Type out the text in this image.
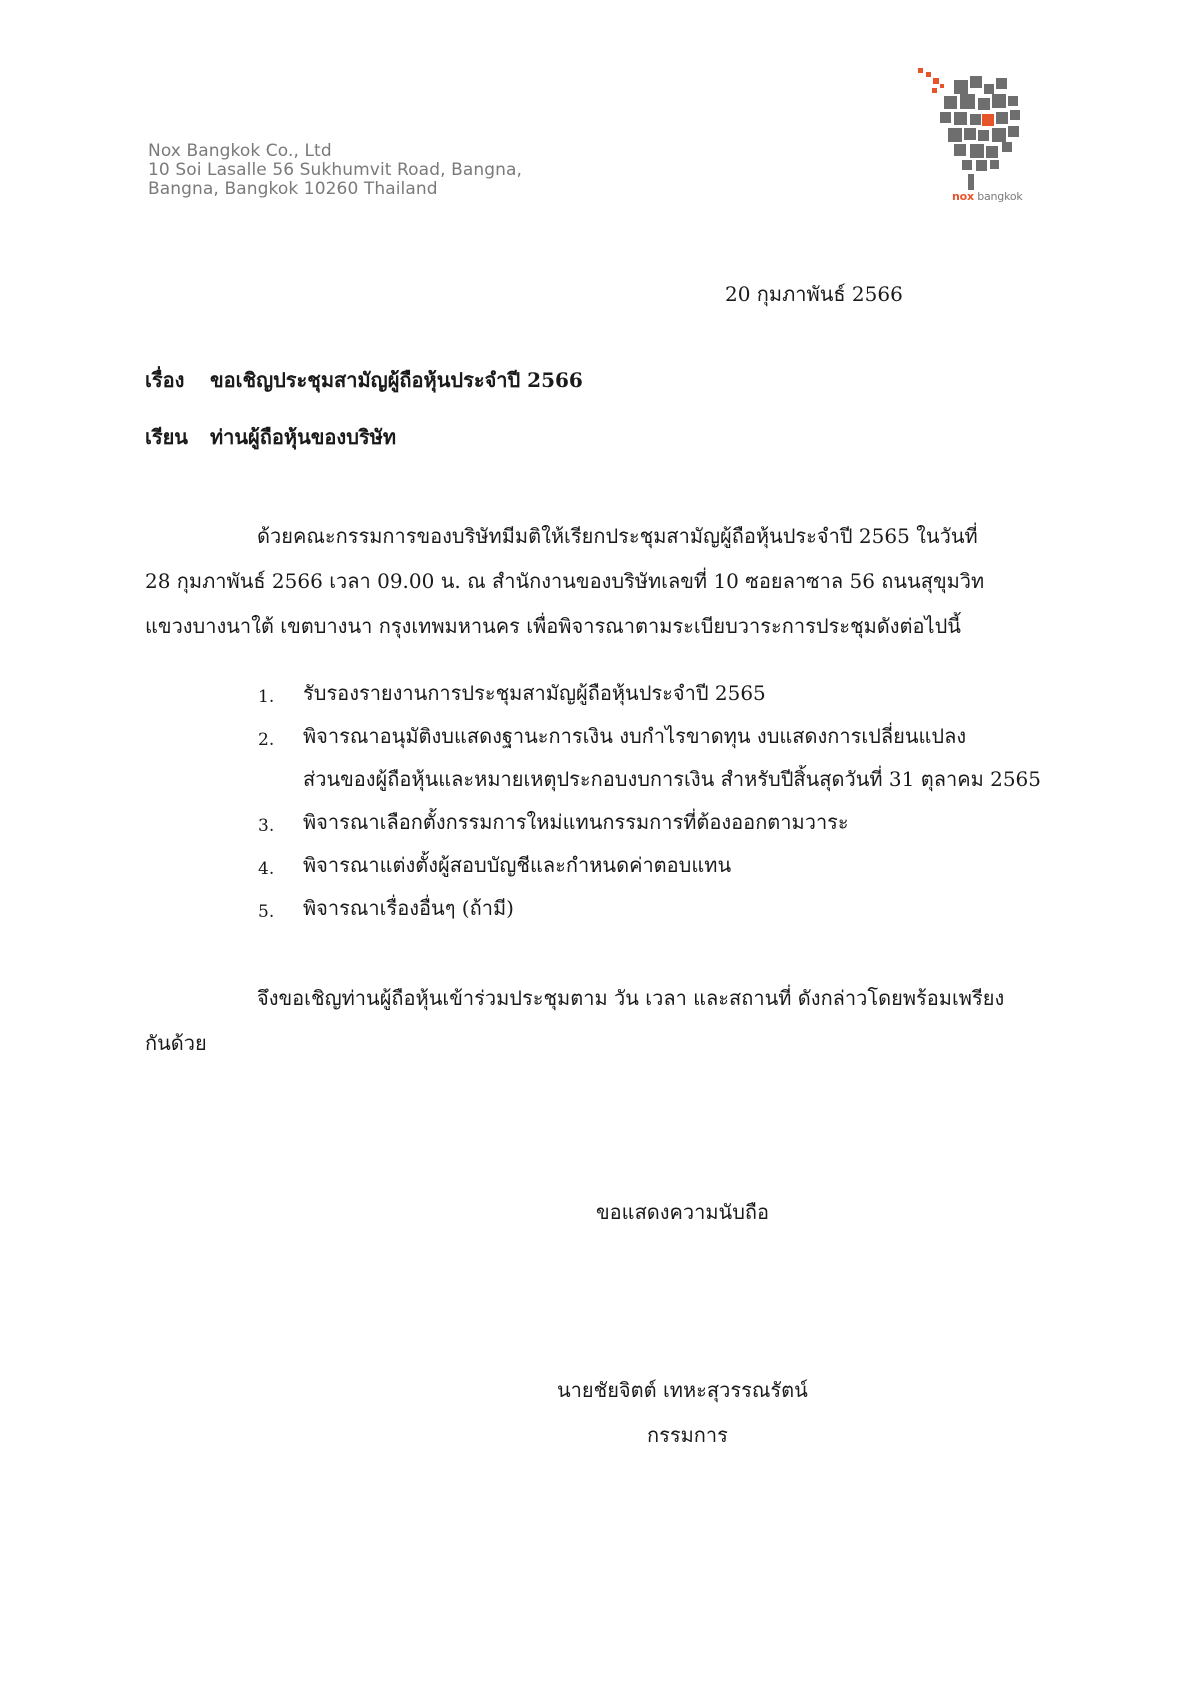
Nox Bangkok Co., Ltd
10 Soi Lasalle 56 Sukhumvit Road, Bangna,
Bangna, Bangkok 10260 Thailand	nox bangkok
20 กุมภาพันธ์ 2566
เรื่อง ขอเชิญประชุมสามัญผู้ถือหุ้นประจำปี 2566
เรียน ท่านผู้ถือหุ้นของบริษัท
ด้วยคณะกรรมการของบริษัทมีมติให้เรียกประชุมสามัญผู้ถือหุ้นประจำปี 2565 ในวันที่
28 กุมภาพันธ์ 2566 เวลา 09.00 น. ณ สำนักงานของบริษัทเลขที่ 10 ซอยลาซาล 56 ถนนสุขุมวิท
แขวงบางนาใต้ เขตบางนา กรุงเทพมหานคร เพื่อพิจารณาตามระเบียบวาระการประชุมดังต่อไปนี้
1. รับรองรายงานการประชุมสามัญผู้ถือหุ้นประจำปี 2565
2. พิจารณาอนุมัติงบแสดงฐานะการเงิน งบกำไรขาดทุน งบแสดงการเปลี่ยนแปลง
ส่วนของผู้ถือหุ้นและหมายเหตุประกอบงบการเงิน สำหรับปีสิ้นสุดวันที่ 31 ตุลาคม 2565
3. พิจารณาเลือกตั้งกรรมการใหม่แทนกรรมการที่ต้องออกตามวาระ
4. พิจารณาแต่งตั้งผู้สอบบัญชีและกำหนดค่าตอบแทน
5. พิจารณาเรื่องอื่นๆ (ถ้ามี)
จึงขอเชิญท่านผู้ถือหุ้นเข้าร่วมประชุมตาม วัน เวลา และสถานที่ ดังกล่าวโดยพร้อมเพรียง
กันด้วย
ขอแสดงความนับถือ
นายชัยจิตต์ เทหะสุวรรณรัตน์
กรรมการ
